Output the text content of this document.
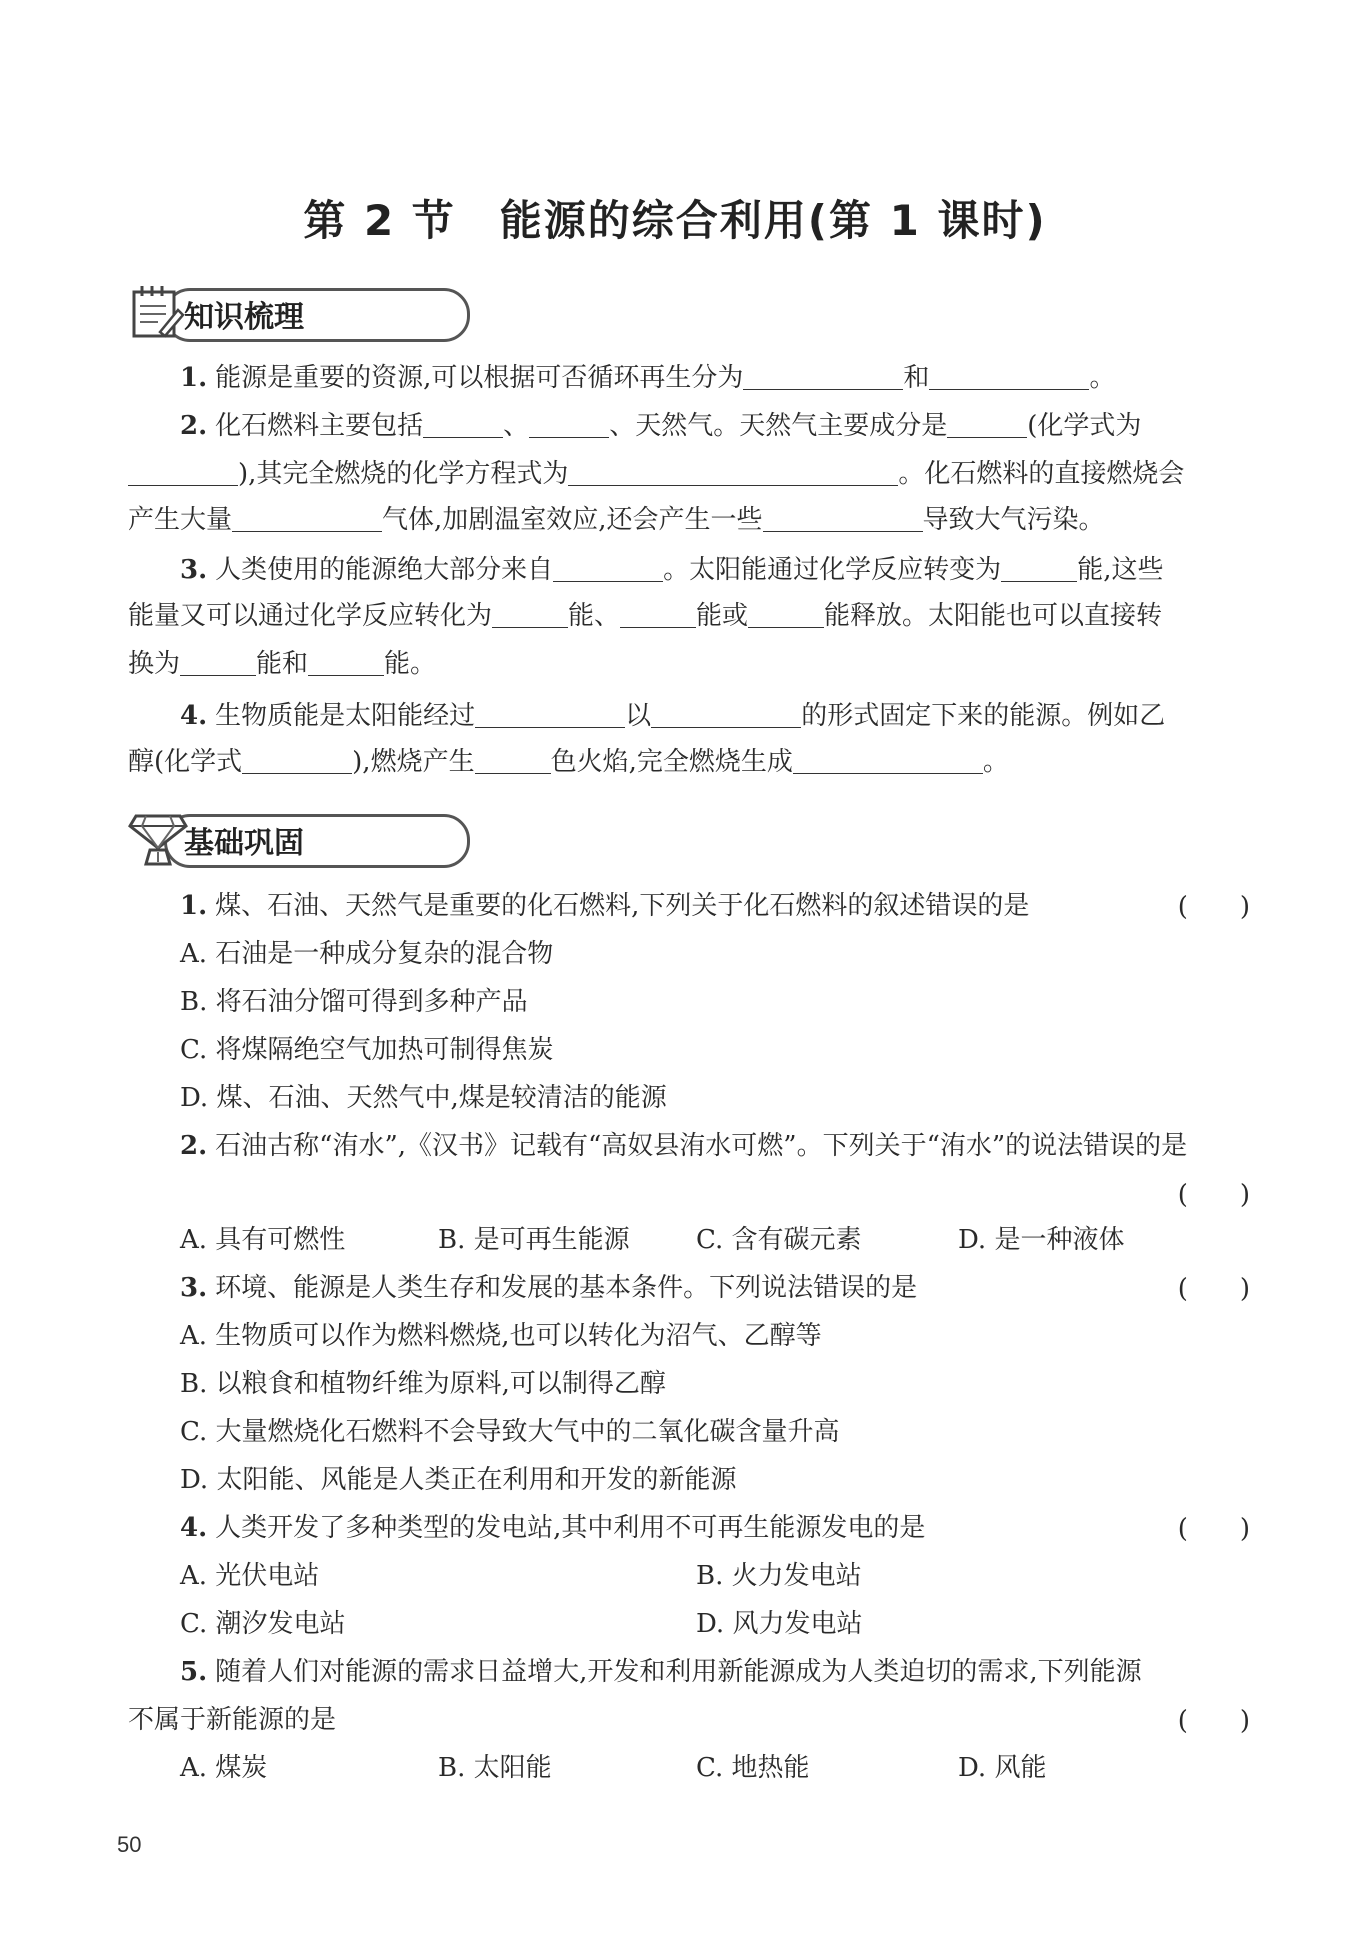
第 2 节 能源的综合利用(第 1 课时)
知识梳理
1. 能源是重要的资源,可以根据可否循环再生分为	和	。
2. 化石燃料主要包括	、	、天然气。天然气主要成分是	(化学式为
),其完全燃烧的化学方程式为	。化石燃料的直接燃烧会
产生大量	气体,加剧温室效应,还会产生一些	导致大气污染。
3. 人类使用的能源绝大部分来自	。太阳能通过化学反应转变为	能,这些
能量又可以通过化学反应转化为	能、	能或	能释放。太阳能也可以直接转
换为	能和	能。
4. 生物质能是太阳能经过	以	的形式固定下来的能源。例如乙
醇(化学式	),燃烧产生	色火焰,完全燃烧生成	。
基础巩固
1. 煤、石油、天然气是重要的化石燃料,下列关于化石燃料的叙述错误的是	(　　)
A. 石油是一种成分复杂的混合物
B. 将石油分馏可得到多种产品
C. 将煤隔绝空气加热可制得焦炭
D. 煤、石油、天然气中,煤是较清洁的能源
2. 石油古称“洧水”,《汉书》记载有“高奴县洧水可燃”。下列关于“洧水”的说法错误的是
(　　)
A. 具有可燃性	B. 是可再生能源	C. 含有碳元素	D. 是一种液体
3. 环境、能源是人类生存和发展的基本条件。下列说法错误的是	(　　)
A. 生物质可以作为燃料燃烧,也可以转化为沼气、乙醇等
B. 以粮食和植物纤维为原料,可以制得乙醇
C. 大量燃烧化石燃料不会导致大气中的二氧化碳含量升高
D. 太阳能、风能是人类正在利用和开发的新能源
4. 人类开发了多种类型的发电站,其中利用不可再生能源发电的是	(　　)
A. 光伏电站	B. 火力发电站
C. 潮汐发电站	D. 风力发电站
5. 随着人们对能源的需求日益增大,开发和利用新能源成为人类迫切的需求,下列能源
不属于新能源的是	(　　)
A. 煤炭	B. 太阳能	C. 地热能	D. 风能
50
